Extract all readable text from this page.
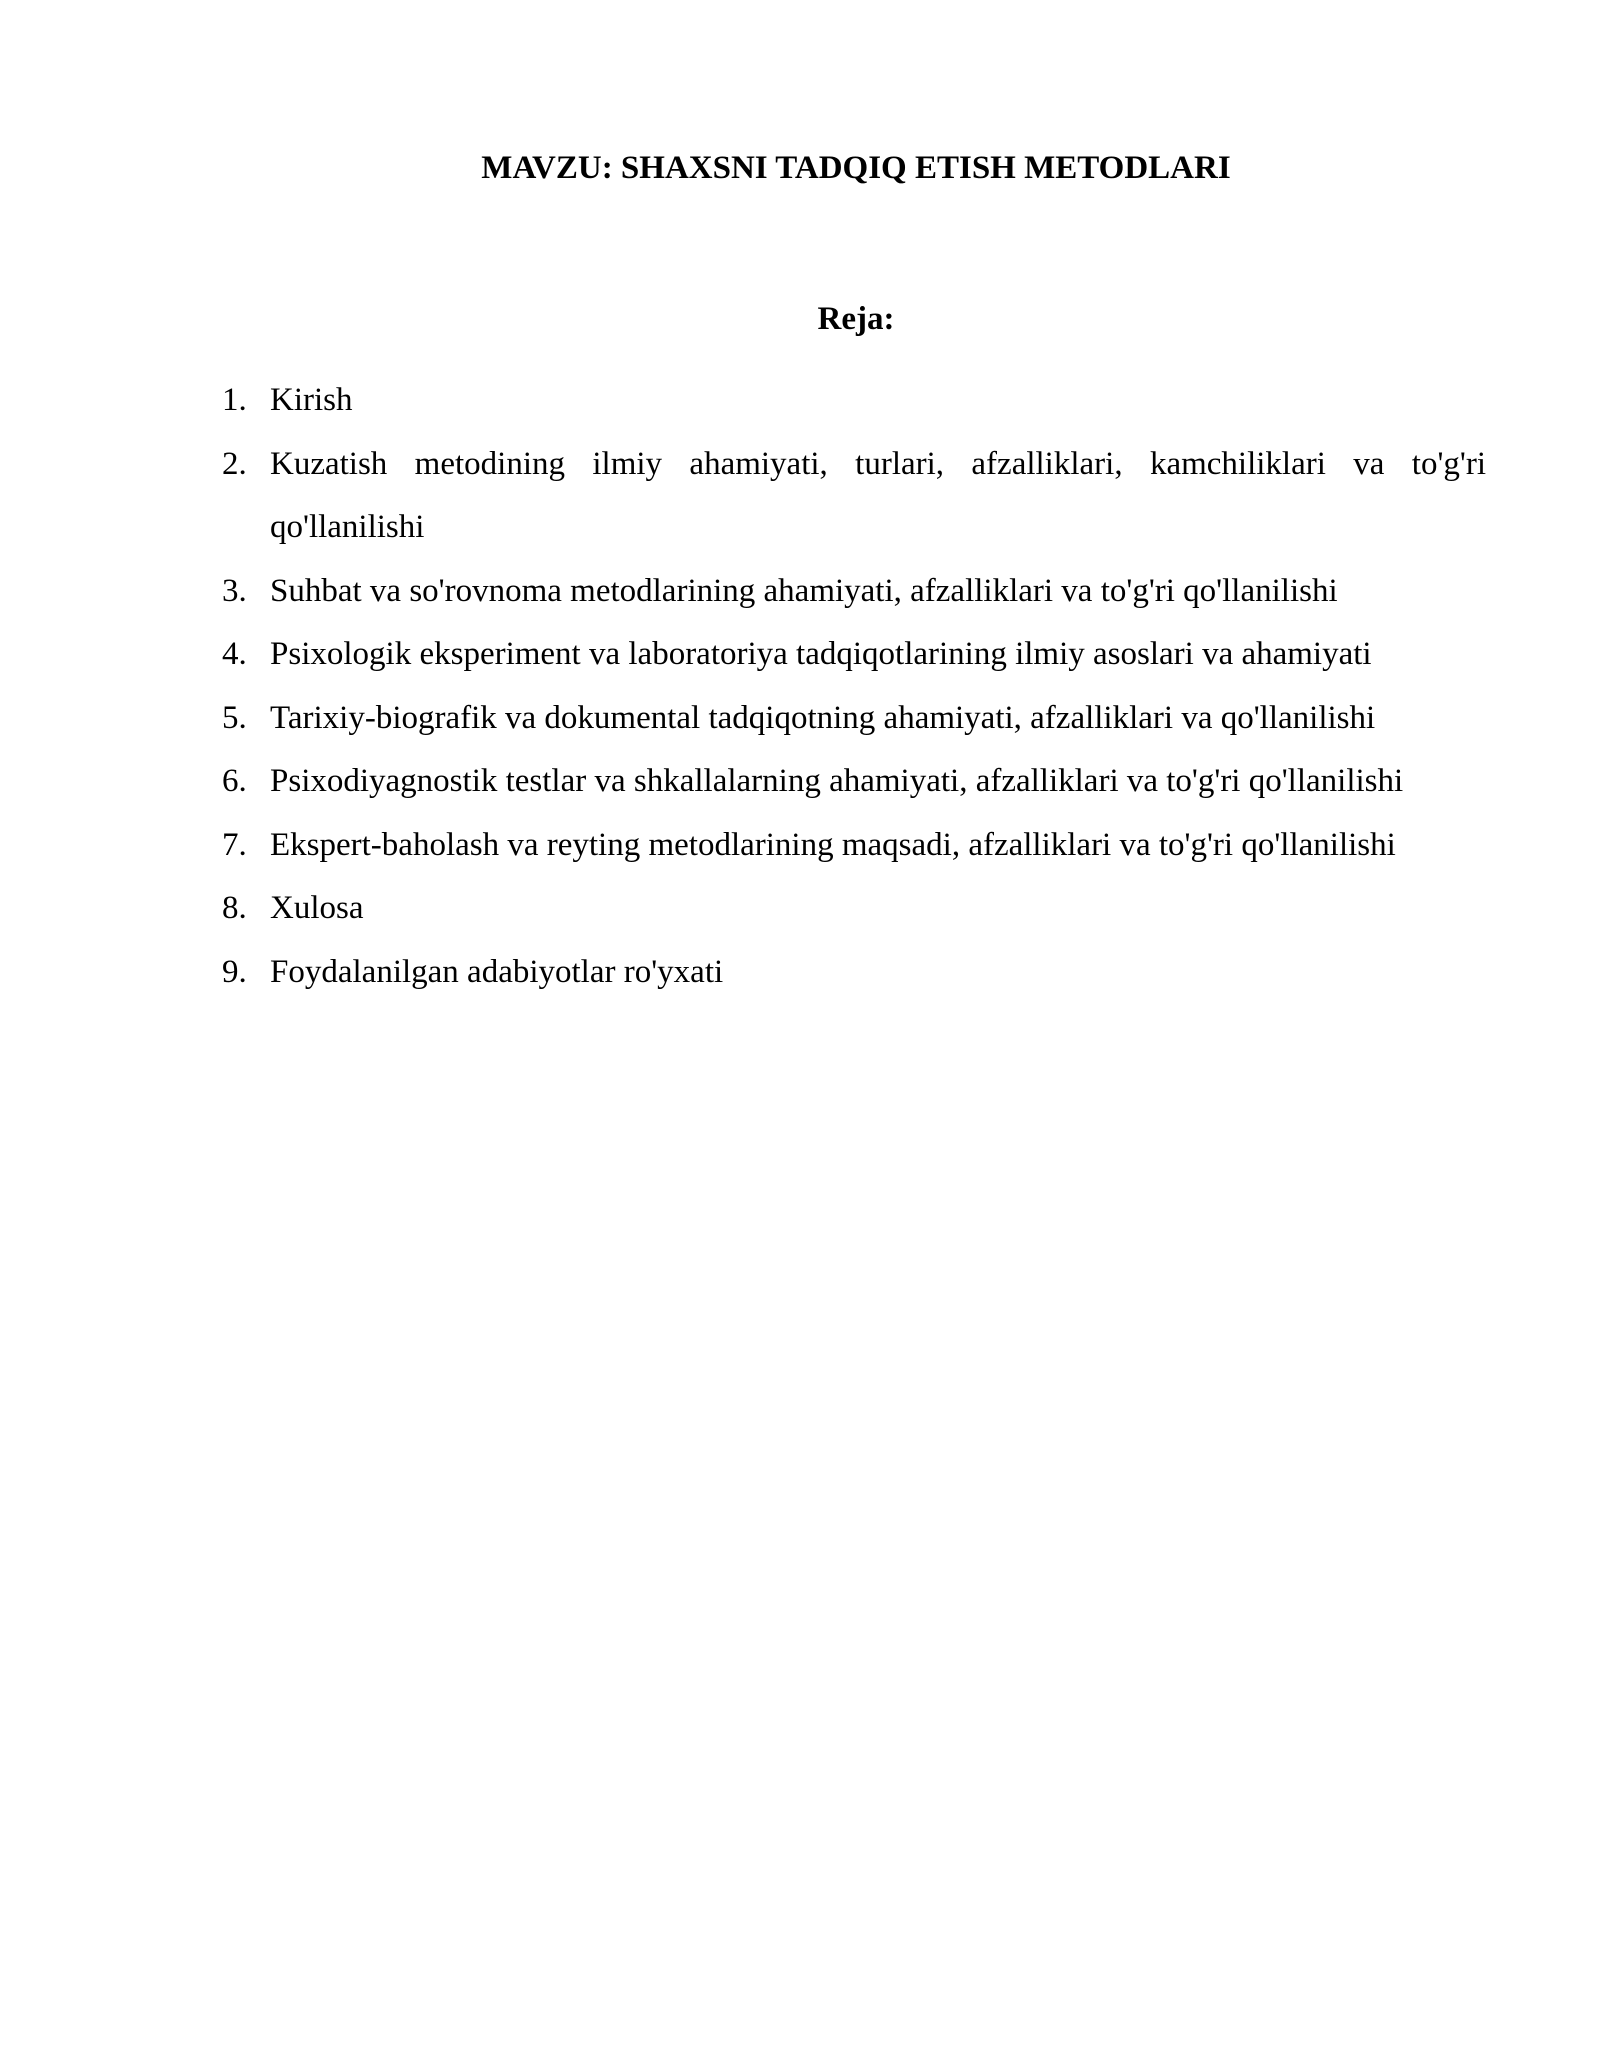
MAVZU: SHAXSNI TADQIQ ETISH METODLARI
Reja:
1. Kirish
2. Kuzatish metodining ilmiy ahamiyati, turlari, afzalliklari, kamchiliklari va to'g'ri qo'llanilishi
3. Suhbat va so'rovnoma metodlarining ahamiyati, afzalliklari va to'g'ri qo'llanilishi
4. Psixologik eksperiment va laboratoriya tadqiqotlarining ilmiy asoslari va ahamiyati
5. Tarixiy-biografik va dokumental tadqiqotning ahamiyati, afzalliklari va qo'llanilishi
6. Psixodiyagnostik testlar va shkallalarning ahamiyati, afzalliklari va to'g'ri qo'llanilishi
7. Ekspert-baholash va reyting metodlarining maqsadi, afzalliklari va to'g'ri qo'llanilishi
8. Xulosa
9. Foydalanilgan adabiyotlar ro'yxati
